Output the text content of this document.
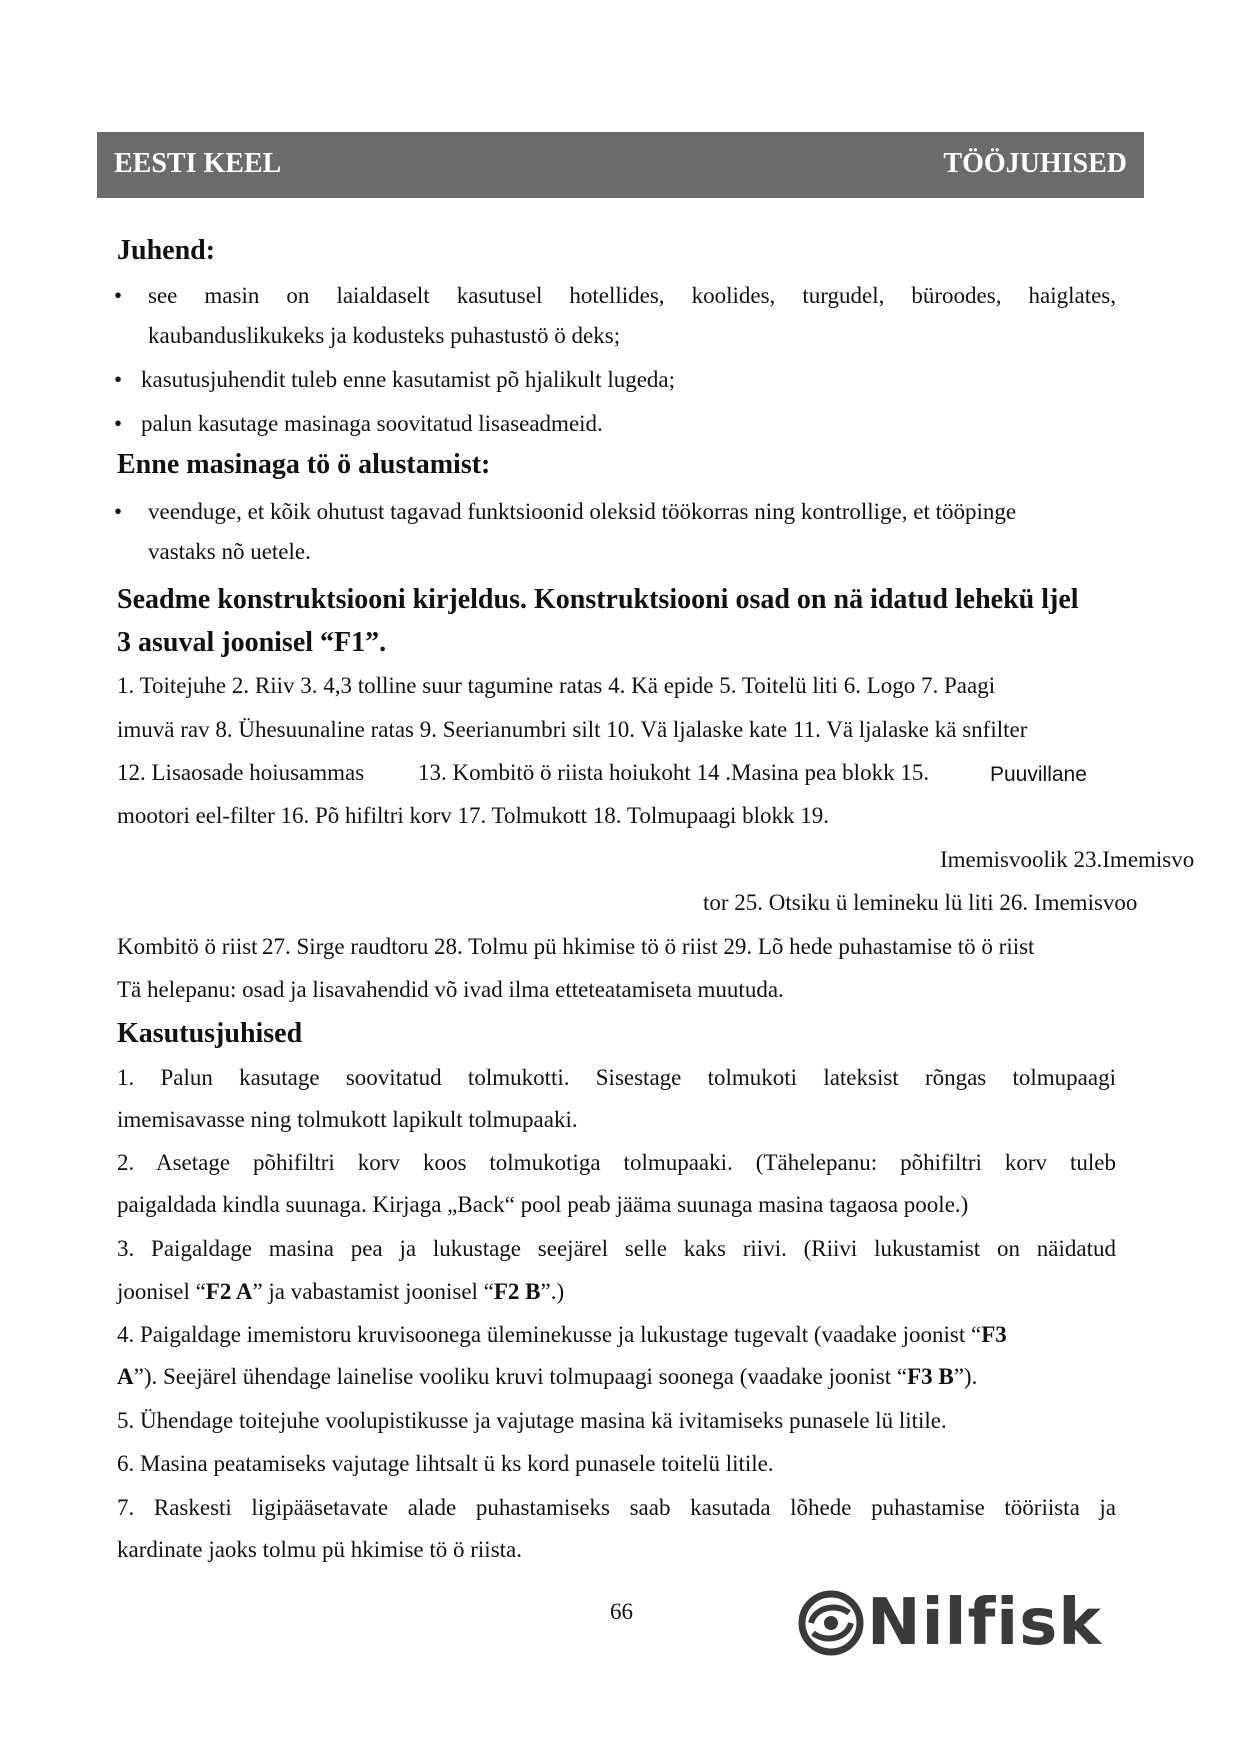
EESTI KEEL	TÖÖJUHISED
Juhend:
• see masin on laialdaselt kasutusel hotellides, koolides, turgudel, büroodes, haiglates,
kaubanduslikukeks ja kodusteks puhastustö ö deks;
• kasutusjuhendit tuleb enne kasutamist põ hjalikult lugeda;
• palun kasutage masinaga soovitatud lisaseadmeid.
Enne masinaga tö ö alustamist:
• veenduge, et kõik ohutust tagavad funktsioonid oleksid töökorras ning kontrollige, et tööpinge
vastaks nõ uetele.
Seadme konstruktsiooni kirjeldus. Konstruktsiooni osad on nä idatud lehekü ljel
3 asuval joonisel “F1”.
1. Toitejuhe 2. Riiv 3. 4,3 tolline suur tagumine ratas 4. Kä epide 5. Toitelü liti 6. Logo 7. Paagi
imuvä rav 8. Ühesuunaline ratas 9. Seerianumbri silt 10. Vä ljalaske kate 11. Vä ljalaske kä snfilter
12. Lisaosade hoiusammas 13. Kombitö ö riista hoiukoht 14 .Masina pea blokk 15.	Puuvillane
mootori eel-filter 16. Põ hifiltri korv 17. Tolmukott 18. Tolmupaagi blokk 19.
Imemisvoolik 23.Imemisvo
tor 25. Otsiku ü lemineku lü liti 26. Imemisvoo
Kombitö ö riist 27. Sirge raudtoru 28. Tolmu pü hkimise tö ö riist 29. Lõ hede puhastamise tö ö riist
Tä helepanu: osad ja lisavahendid võ ivad ilma etteteatamiseta muutuda.
Kasutusjuhised
1. Palun kasutage soovitatud tolmukotti. Sisestage tolmukoti lateksist rõngas tolmupaagi
imemisavasse ning tolmukott lapikult tolmupaaki.
2. Asetage põhifiltri korv koos tolmukotiga tolmupaaki. (Tähelepanu: põhifiltri korv tuleb
paigaldada kindla suunaga. Kirjaga „Back“ pool peab jääma suunaga masina tagaosa poole.)
3. Paigaldage masina pea ja lukustage seejärel selle kaks riivi. (Riivi lukustamist on näidatud
joonisel “F2 A” ja vabastamist joonisel “F2 B”.)
4. Paigaldage imemistoru kruvisoonega üleminekusse ja lukustage tugevalt (vaadake joonist “F3
A”). Seejärel ühendage lainelise vooliku kruvi tolmupaagi soonega (vaadake joonist “F3 B”).
5. Ühendage toitejuhe voolupistikusse ja vajutage masina kä ivitamiseks punasele lü litile.
6. Masina peatamiseks vajutage lihtsalt ü ks kord punasele toitelü litile.
7. Raskesti ligipääsetavate alade puhastamiseks saab kasutada lõhede puhastamise tööriista ja
kardinate jaoks tolmu pü hkimise tö ö riista.
66	Nilfisk
